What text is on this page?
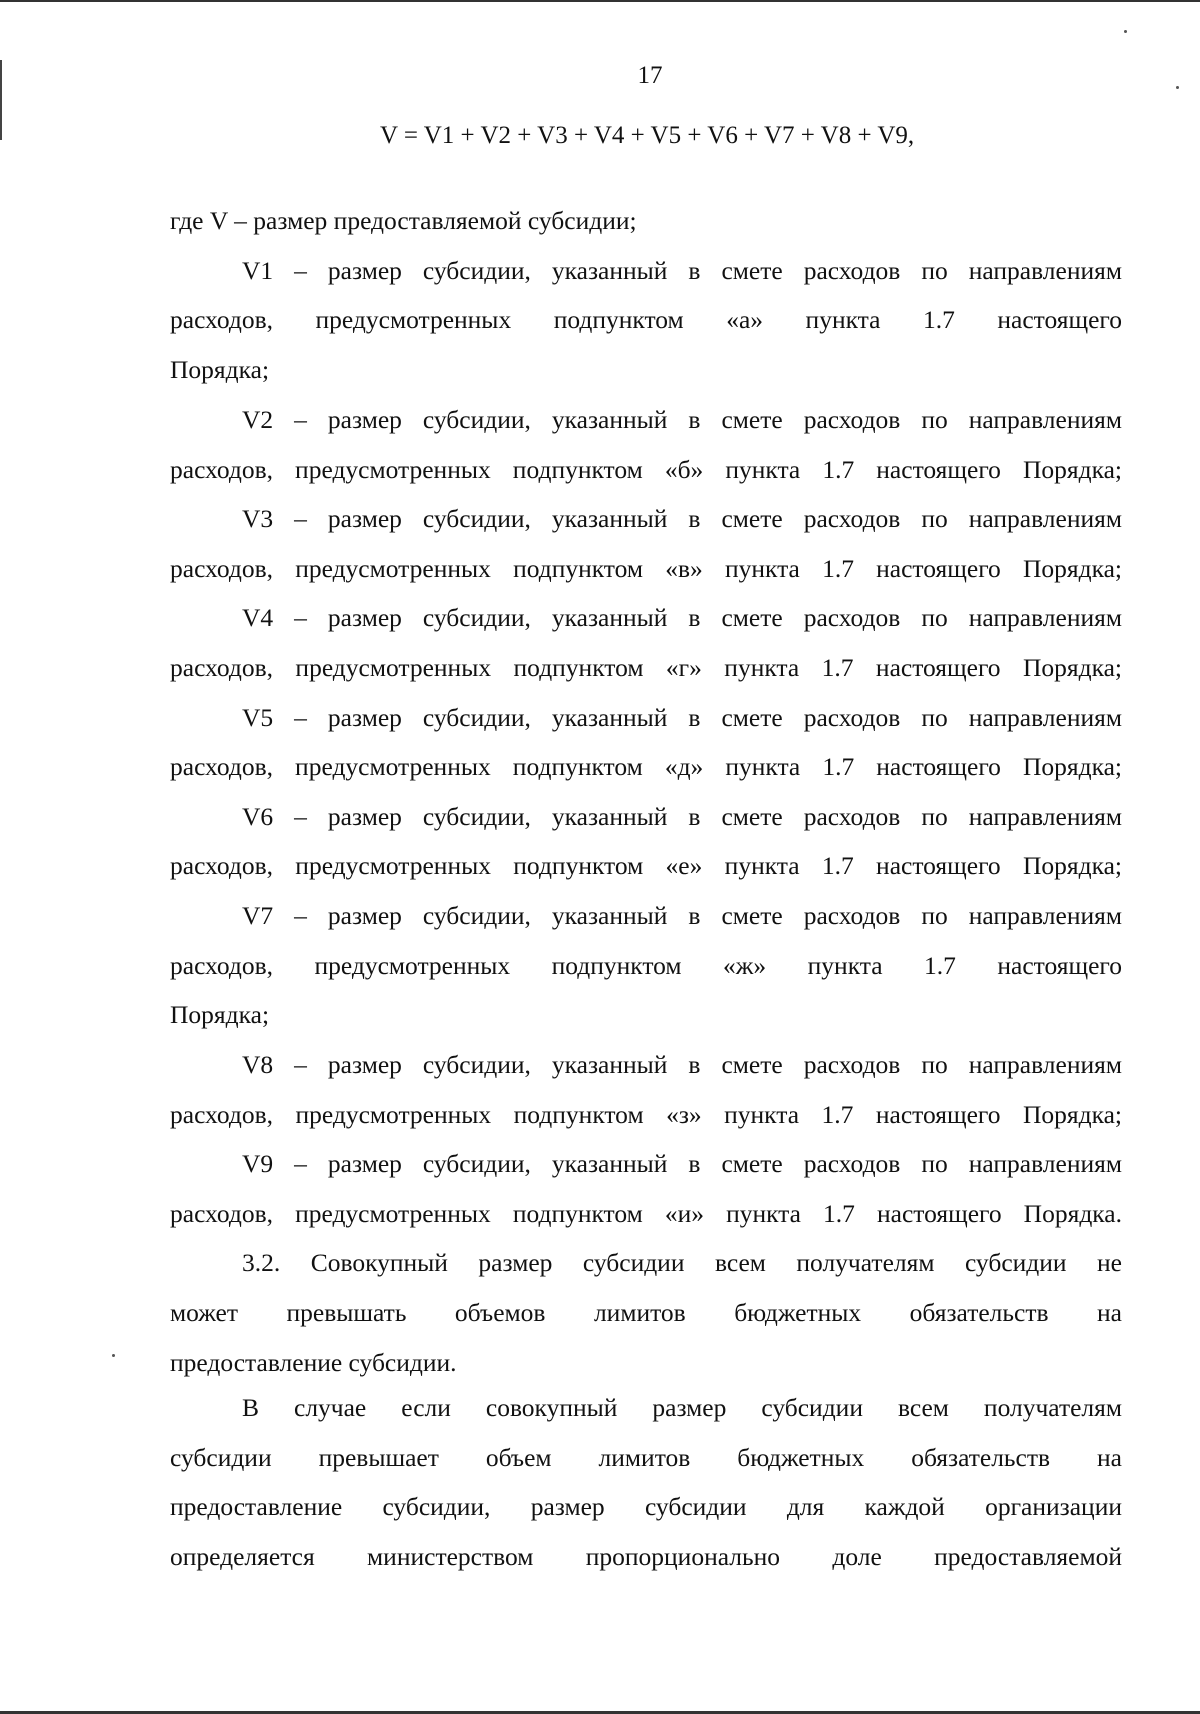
17
V = V1 + V2 + V3 + V4 + V5 + V6 + V7 + V8 + V9,

где V – размер предоставляемой субсидии;

V1 – размер субсидии, указанный в смете расходов по направлениям

расходов, предусмотренных подпунктом «а» пункта 1.7 настоящего

Порядка;

V2 – размер субсидии, указанный в смете расходов по направлениям

расходов, предусмотренных подпунктом «б» пункта 1.7 настоящего Порядка;

V3 – размер субсидии, указанный в смете расходов по направлениям

расходов, предусмотренных подпунктом «в» пункта 1.7 настоящего Порядка;

V4 – размер субсидии, указанный в смете расходов по направлениям

расходов, предусмотренных подпунктом «г» пункта 1.7 настоящего Порядка;

V5 – размер субсидии, указанный в смете расходов по направлениям

расходов, предусмотренных подпунктом «д» пункта 1.7 настоящего Порядка;

V6 – размер субсидии, указанный в смете расходов по направлениям

расходов, предусмотренных подпунктом «е» пункта 1.7 настоящего Порядка;

V7 – размер субсидии, указанный в смете расходов по направлениям

расходов, предусмотренных подпунктом «ж» пункта 1.7 настоящего

Порядка;

V8 – размер субсидии, указанный в смете расходов по направлениям

расходов, предусмотренных подпунктом «з» пункта 1.7 настоящего Порядка;

V9 – размер субсидии, указанный в смете расходов по направлениям

расходов, предусмотренных подпунктом «и» пункта 1.7 настоящего Порядка.

3.2. Совокупный размер субсидии всем получателям субсидии не

может превышать объемов лимитов бюджетных обязательств на

предоставление субсидии.

В случае если совокупный размер субсидии всем получателям

субсидии превышает объем лимитов бюджетных обязательств на

предоставление субсидии, размер субсидии для каждой организации

определяется министерством пропорционально доле предоставляемой
